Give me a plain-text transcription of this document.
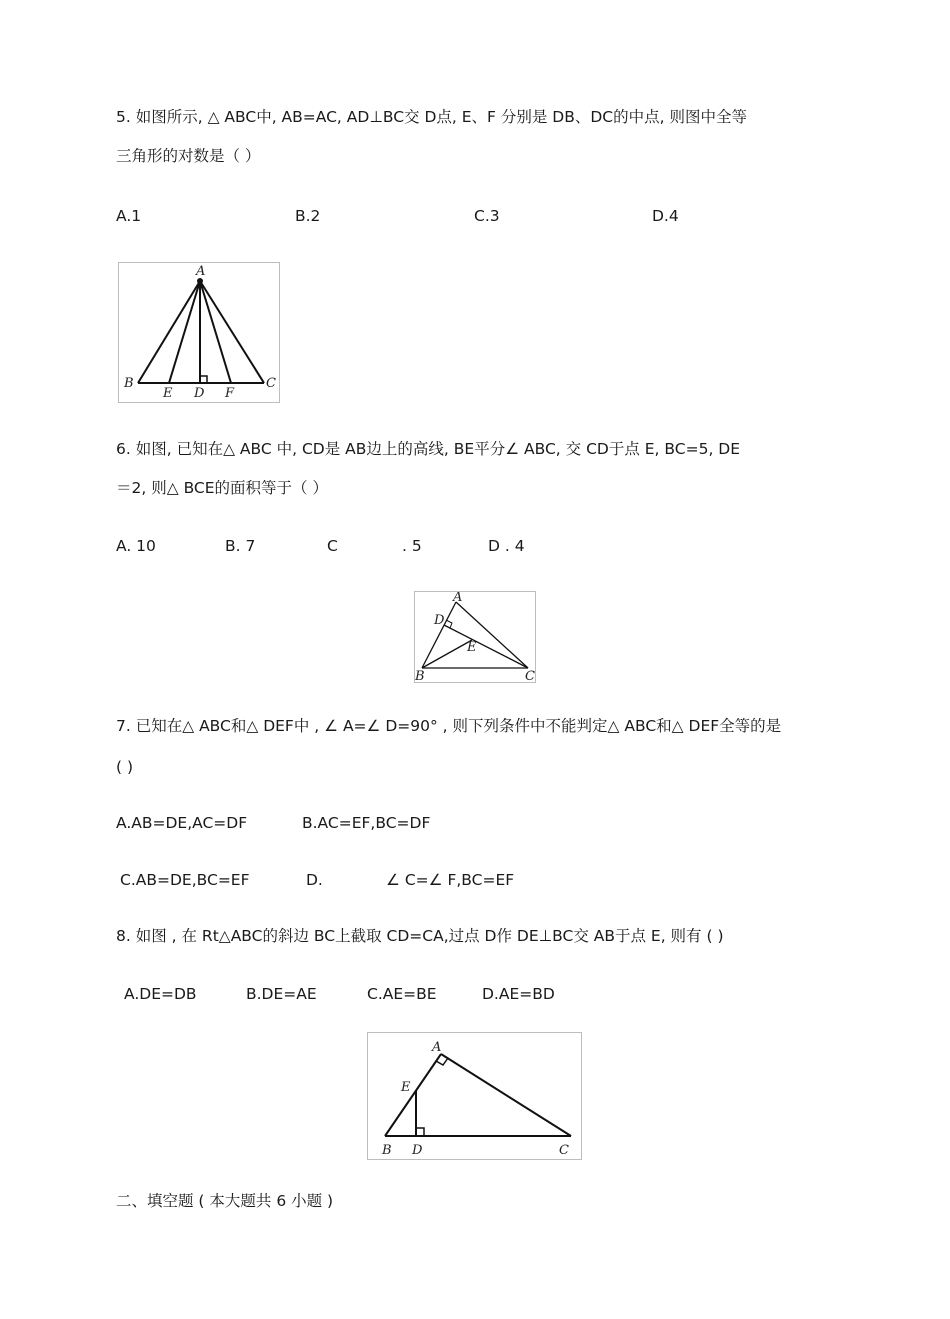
5. 如图所示, △ ABC中, AB=AC, AD⊥BC交 D点, E、F 分别是 DB、DC的中点, 则图中全等
三角形的对数是（ ）
A.1	B.2	C.3	D.4
A
B
E D F
C
6. 如图, 已知在△ ABC 中, CD是 AB边上的高线, BE平分∠ ABC, 交 CD于点 E, BC=5, DE
＝2, 则△ BCE的面积等于（ ）
A. 10	B. 7	C	. 5	D . 4
A
D
E
B	C
7. 已知在△ ABC和△ DEF中 , ∠ A=∠ D=90° , 则下列条件中不能判定△ ABC和△ DEF全等的是
( )
A.AB=DE,AC=DF	B.AC=EF,BC=DF
C.AB=DE,BC=EF	D.	∠ C=∠ F,BC=EF
8. 如图 , 在 Rt△ABC的斜边 BC上截取 CD=CA,过点 D作 DE⊥BC交 AB于点 E, 则有 ( )
A.DE=DB	B.DE=AE	C.AE=BE	D.AE=BD
A
E
B D	C
二、填空题 ( 本大题共 6 小题 )
